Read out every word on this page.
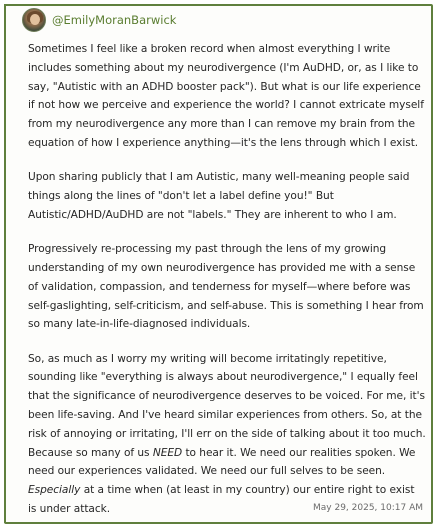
@EmilyMoranBarwick

Sometimes I feel like a broken record when almost everything I write includes something about my neurodivergence (I'm AuDHD, or, as I like to say, "Autistic with an ADHD booster pack"). But what is our life experience if not how we perceive and experience the world? I cannot extricate myself from my neurodivergence any more than I can remove my brain from the equation of how I experience anything—it's the lens through which I exist.

Upon sharing publicly that I am Autistic, many well-meaning people said things along the lines of "don't let a label define you!" But Autistic/ADHD/AuDHD are not "labels." They are inherent to who I am.

Progressively re-processing my past through the lens of my growing understanding of my own neurodivergence has provided me with a sense of validation, compassion, and tenderness for myself—where before was self-gaslighting, self-criticism, and self-abuse. This is something I hear from so many late-in-life-diagnosed individuals.

So, as much as I worry my writing will become irritatingly repetitive, sounding like "everything is always about neurodivergence," I equally feel that the significance of neurodivergence deserves to be voiced. For me, it's been life-saving. And I've heard similar experiences from others. So, at the risk of annoying or irritating, I'll err on the side of talking about it too much. Because so many of us NEED to hear it. We need our realities spoken. We need our experiences validated. We need our full selves to be seen. Especially at a time when (at least in my country) our entire right to exist is under attack.	May 29, 2025, 10:17 AM
